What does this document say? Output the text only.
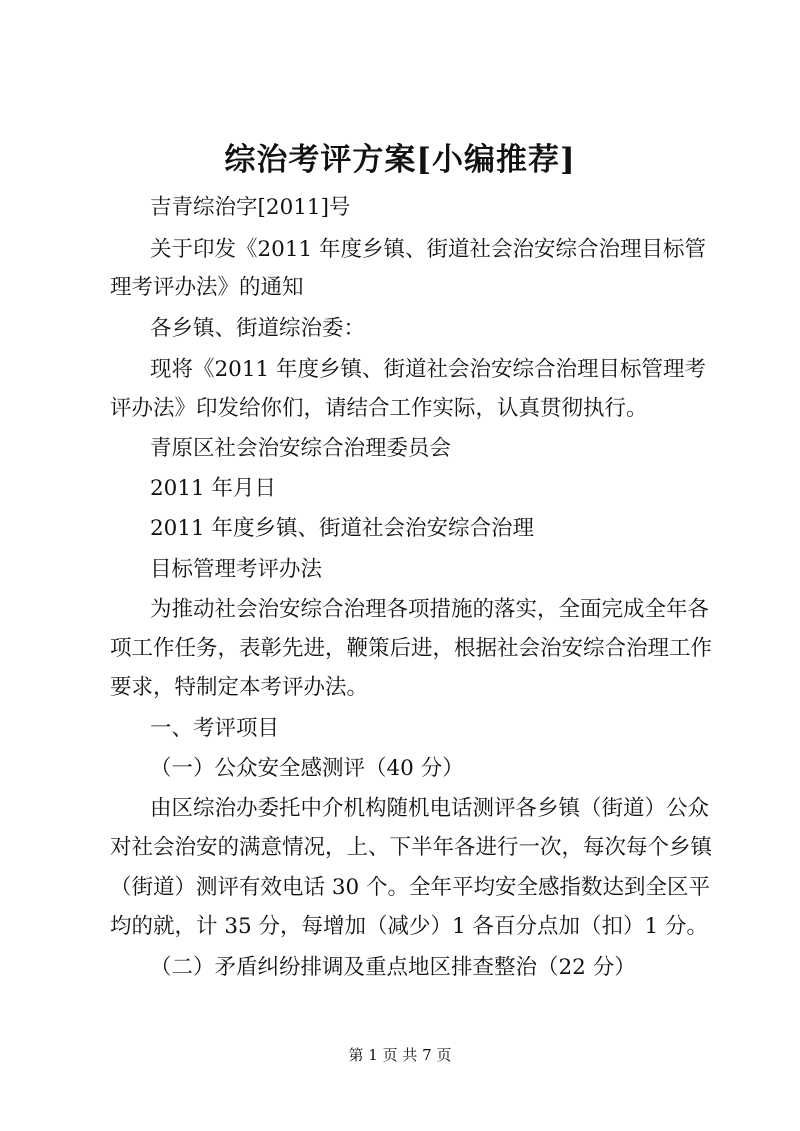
综治考评方案[小编推荐]
吉青综治字[2011]号
关于印发《2011 年度乡镇、街道社会治安综合治理目标管
理考评办法》的通知
各乡镇、街道综治委：
现将《2011 年度乡镇、街道社会治安综合治理目标管理考
评办法》印发给你们，请结合工作实际，认真贯彻执行。
青原区社会治安综合治理委员会
2011 年月日
2011 年度乡镇、街道社会治安综合治理
目标管理考评办法
为推动社会治安综合治理各项措施的落实，全面完成全年各
项工作任务，表彰先进，鞭策后进，根据社会治安综合治理工作
要求，特制定本考评办法。
一、考评项目
（一）公众安全感测评（40 分）
由区综治办委托中介机构随机电话测评各乡镇（街道）公众
对社会治安的满意情况，上、下半年各进行一次，每次每个乡镇
（街道）测评有效电话 30 个。全年平均安全感指数达到全区平
均的就，计 35 分，每增加（减少）1 各百分点加（扣）1 分。
（二）矛盾纠纷排调及重点地区排查整治（22 分）
第 1 页 共 7 页
